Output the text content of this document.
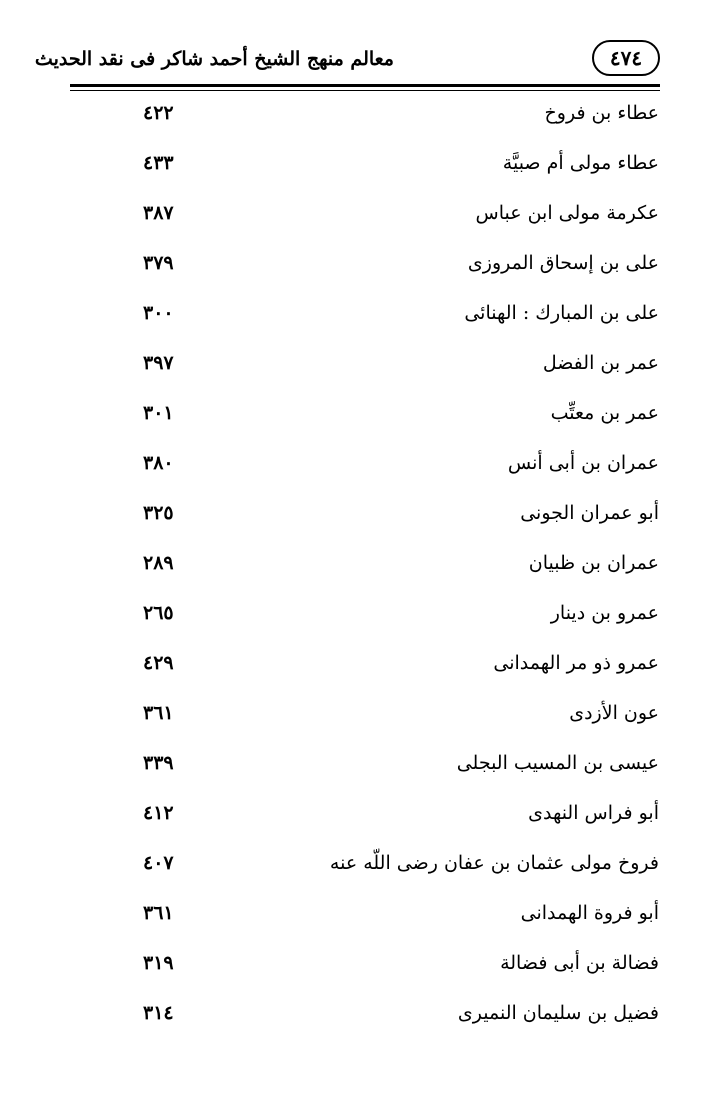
٤٧٤
معالم منهج الشيخ أحمد شاكر فى نقد الحديث
عطاء بن فروخ
٤٢٢
عطاء مولى أم صبيَّة
٤٣٣
عكرمة مولى ابن عباس
٣٨٧
على بن إسحاق المروزى
٣٧٩
على بن المبارك : الهنائى
٣٠٠
عمر بن الفضل
٣٩٧
عمر بن معتِّب
٣٠١
عمران بن أبى أنس
٣٨٠
أبو عمران الجونى
٣٢٥
عمران بن ظبيان
٢٨٩
عمرو بن دينار
٢٦٥
عمرو ذو مر الهمدانى
٤٢٩
عون الأزدى
٣٦١
عيسى بن المسيب البجلى
٣٣٩
أبو فراس النهدى
٤١٢
فروخ مولى عثمان بن عفان رضى اللّه عنه
٤٠٧
أبو فروة الهمدانى
٣٦١
فضالة بن أبى فضالة
٣١٩
فضيل بن سليمان النميرى
٣١٤
